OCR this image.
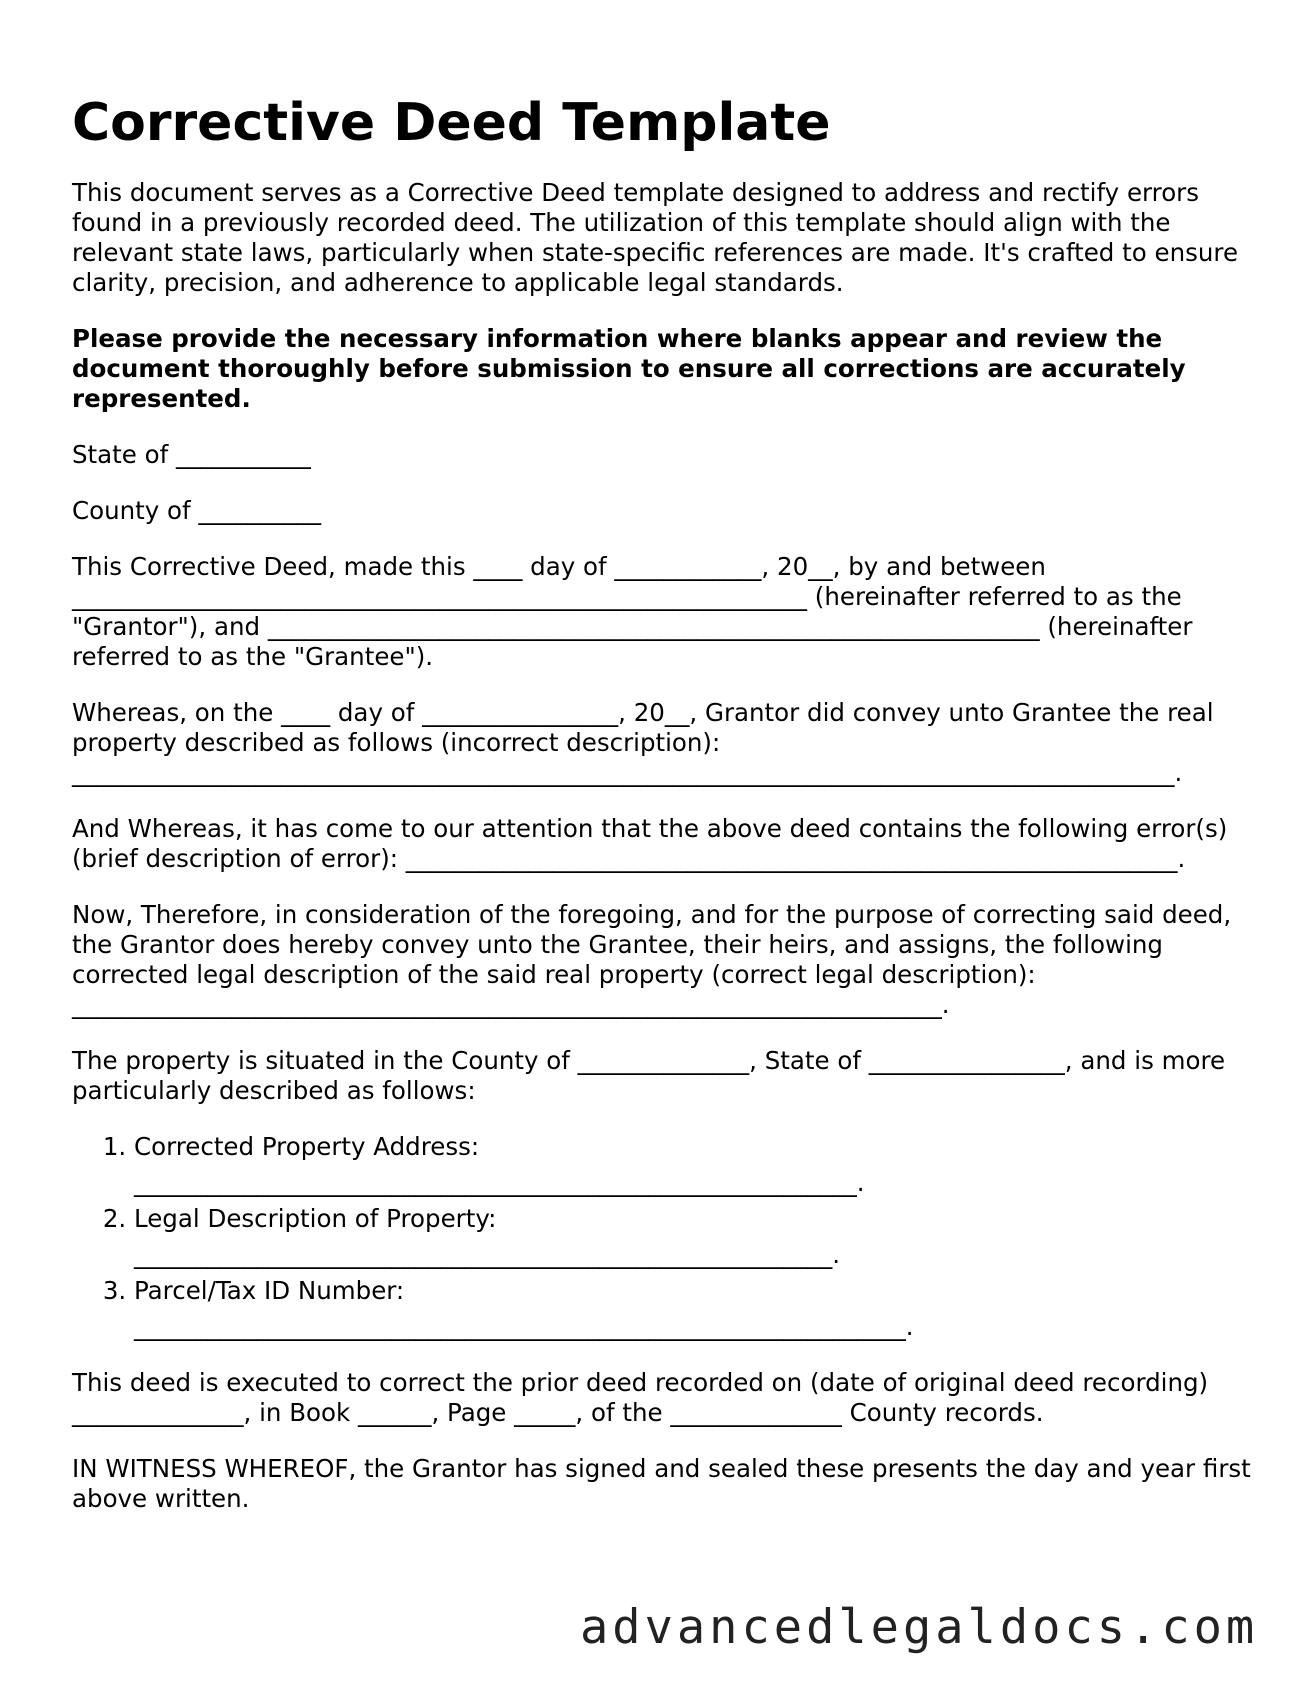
Corrective Deed Template

This document serves as a Corrective Deed template designed to address and rectify errors found in a previously recorded deed. The utilization of this template should align with the relevant state laws, particularly when state-specific references are made. It's crafted to ensure clarity, precision, and adherence to applicable legal standards.

Please provide the necessary information where blanks appear and review the document thoroughly before submission to ensure all corrections are accurately represented.

State of ___________

County of __________

This Corrective Deed, made this ____ day of ____________, 20__, by and between ____________________________________________________________ (hereinafter referred to as the "Grantor"), and _______________________________________________________________ (hereinafter referred to as the "Grantee").

Whereas, on the ____ day of ________________, 20__, Grantor did convey unto Grantee the real property described as follows (incorrect description): __________________________________________________________________________________________.

And Whereas, it has come to our attention that the above deed contains the following error(s) (brief description of error): _______________________________________________________________.

Now, Therefore, in consideration of the foregoing, and for the purpose of correcting said deed, the Grantor does hereby convey unto the Grantee, their heirs, and assigns, the following corrected legal description of the said real property (correct legal description): _______________________________________________________________________.

The property is situated in the County of ______________, State of ________________, and is more particularly described as follows:

1. Corrected Property Address:
___________________________________________________________.
2. Legal Description of Property:
_________________________________________________________.
3. Parcel/Tax ID Number:
_______________________________________________________________.

This deed is executed to correct the prior deed recorded on (date of original deed recording) ______________, in Book ______, Page _____, of the ______________ County records.

IN WITNESS WHEREOF, the Grantor has signed and sealed these presents the day and year first above written.

advancedlegaldocs.com
